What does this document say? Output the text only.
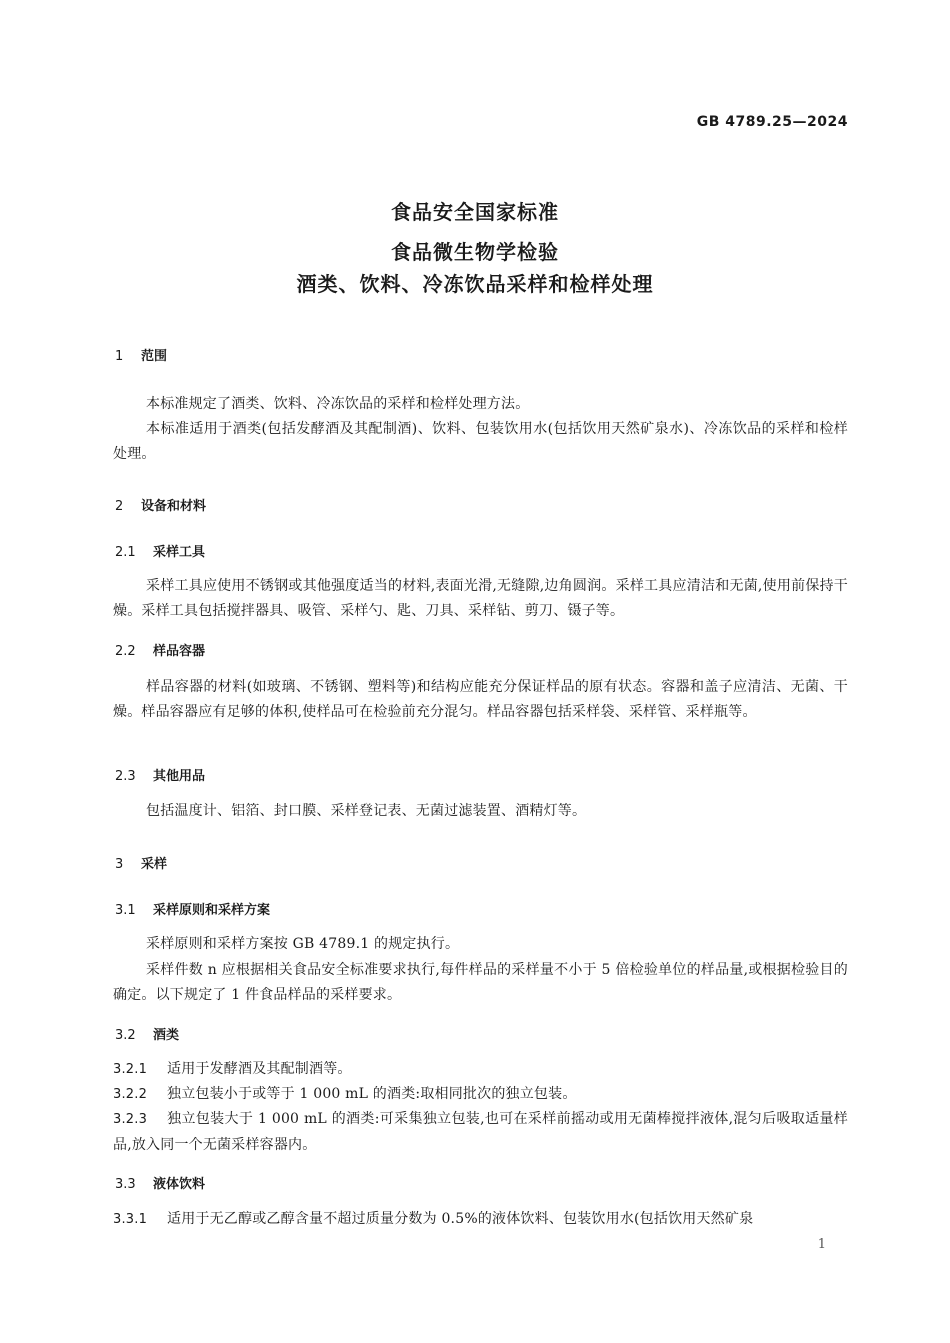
GB 4789.25—2024
食品安全国家标准
食品微生物学检验
酒类、饮料、冷冻饮品采样和检样处理
1 范围
本标准规定了酒类、饮料、冷冻饮品的采样和检样处理方法。
本标准适用于酒类(包括发酵酒及其配制酒)、饮料、包装饮用水(包括饮用天然矿泉水)、冷冻饮品的采样和检样处理。
2 设备和材料
2.1 采样工具
采样工具应使用不锈钢或其他强度适当的材料,表面光滑,无缝隙,边角圆润。采样工具应清洁和无菌,使用前保持干燥。采样工具包括搅拌器具、吸管、采样勺、匙、刀具、采样钻、剪刀、镊子等。
2.2 样品容器
样品容器的材料(如玻璃、不锈钢、塑料等)和结构应能充分保证样品的原有状态。容器和盖子应清洁、无菌、干燥。样品容器应有足够的体积,使样品可在检验前充分混匀。样品容器包括采样袋、采样管、采样瓶等。
2.3 其他用品
包括温度计、铝箔、封口膜、采样登记表、无菌过滤装置、酒精灯等。
3 采样
3.1 采样原则和采样方案
采样原则和采样方案按 GB 4789.1 的规定执行。
采样件数 n 应根据相关食品安全标准要求执行,每件样品的采样量不小于 5 倍检验单位的样品量,或根据检验目的确定。以下规定了 1 件食品样品的采样要求。
3.2 酒类
3.2.1 适用于发酵酒及其配制酒等。
3.2.2 独立包装小于或等于 1 000 mL 的酒类:取相同批次的独立包装。
3.2.3 独立包装大于 1 000 mL 的酒类:可采集独立包装,也可在采样前摇动或用无菌棒搅拌液体,混匀后吸取适量样品,放入同一个无菌采样容器内。
3.3 液体饮料
3.3.1 适用于无乙醇或乙醇含量不超过质量分数为 0.5%的液体饮料、包装饮用水(包括饮用天然矿泉
1
